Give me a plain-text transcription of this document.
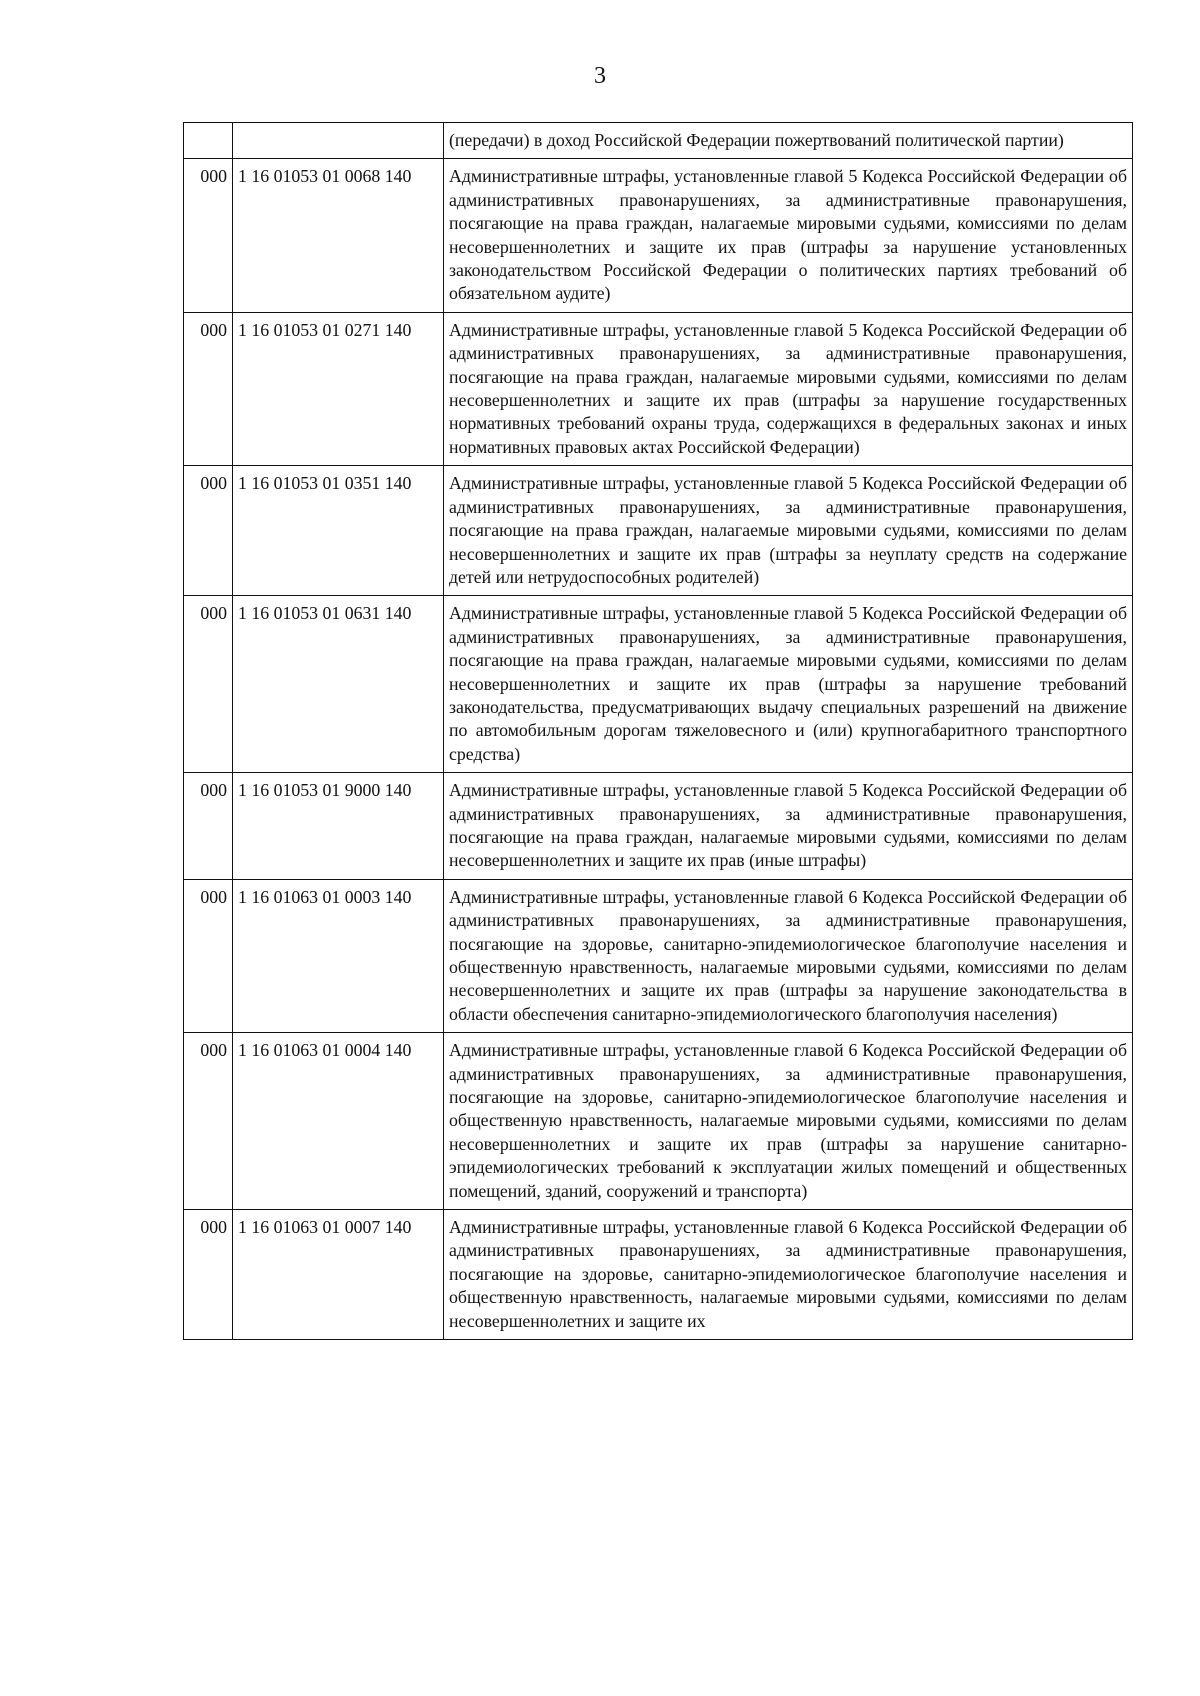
3
		(передачи) в доход Российской Федерации пожертвований политической партии)
000	1 16 01053 01 0068 140	Административные штрафы, установленные главой 5 Кодекса Российской Федерации об административных правонарушениях, за административные правонарушения, посягающие на права граждан, налагаемые мировыми судьями, комиссиями по делам несовершеннолетних и защите их прав (штрафы за нарушение установленных законодательством Российской Федерации о политических партиях требований об обязательном аудите)
000	1 16 01053 01 0271 140	Административные штрафы, установленные главой 5 Кодекса Российской Федерации об административных правонарушениях, за административные правонарушения, посягающие на права граждан, налагаемые мировыми судьями, комиссиями по делам несовершеннолетних и защите их прав (штрафы за нарушение государственных нормативных требований охраны труда, содержащихся в федеральных законах и иных нормативных правовых актах Российской Федерации)
000	1 16 01053 01 0351 140	Административные штрафы, установленные главой 5 Кодекса Российской Федерации об административных правонарушениях, за административные правонарушения, посягающие на права граждан, налагаемые мировыми судьями, комиссиями по делам несовершеннолетних и защите их прав (штрафы за неуплату средств на содержание детей или нетрудоспособных родителей)
000	1 16 01053 01 0631 140	Административные штрафы, установленные главой 5 Кодекса Российской Федерации об административных правонарушениях, за административные правонарушения, посягающие на права граждан, налагаемые мировыми судьями, комиссиями по делам несовершеннолетних и защите их прав (штрафы за нарушение требований законодательства, предусматривающих выдачу специальных разрешений на движение по автомобильным дорогам тяжеловесного и (или) крупногабаритного транспортного средства)
000	1 16 01053 01 9000 140	Административные штрафы, установленные главой 5 Кодекса Российской Федерации об административных правонарушениях, за административные правонарушения, посягающие на права граждан, налагаемые мировыми судьями, комиссиями по делам несовершеннолетних и защите их прав (иные штрафы)
000	1 16 01063 01 0003 140	Административные штрафы, установленные главой 6 Кодекса Российской Федерации об административных правонарушениях, за административные правонарушения, посягающие на здоровье, санитарно-эпидемиологическое благополучие населения и общественную нравственность, налагаемые мировыми судьями, комиссиями по делам несовершеннолетних и защите их прав (штрафы за нарушение законодательства в области обеспечения санитарно-эпидемиологического благополучия населения)
000	1 16 01063 01 0004 140	Административные штрафы, установленные главой 6 Кодекса Российской Федерации об административных правонарушениях, за административные правонарушения, посягающие на здоровье, санитарно-эпидемиологическое благополучие населения и общественную нравственность, налагаемые мировыми судьями, комиссиями по делам несовершеннолетних и защите их прав (штрафы за нарушение санитарно-эпидемиологических требований к эксплуатации жилых помещений и общественных помещений, зданий, сооружений и транспорта)
000	1 16 01063 01 0007 140	Административные штрафы, установленные главой 6 Кодекса Российской Федерации об административных правонарушениях, за административные правонарушения, посягающие на здоровье, санитарно-эпидемиологическое благополучие населения и общественную нравственность, налагаемые мировыми судьями, комиссиями по делам несовершеннолетних и защите их
